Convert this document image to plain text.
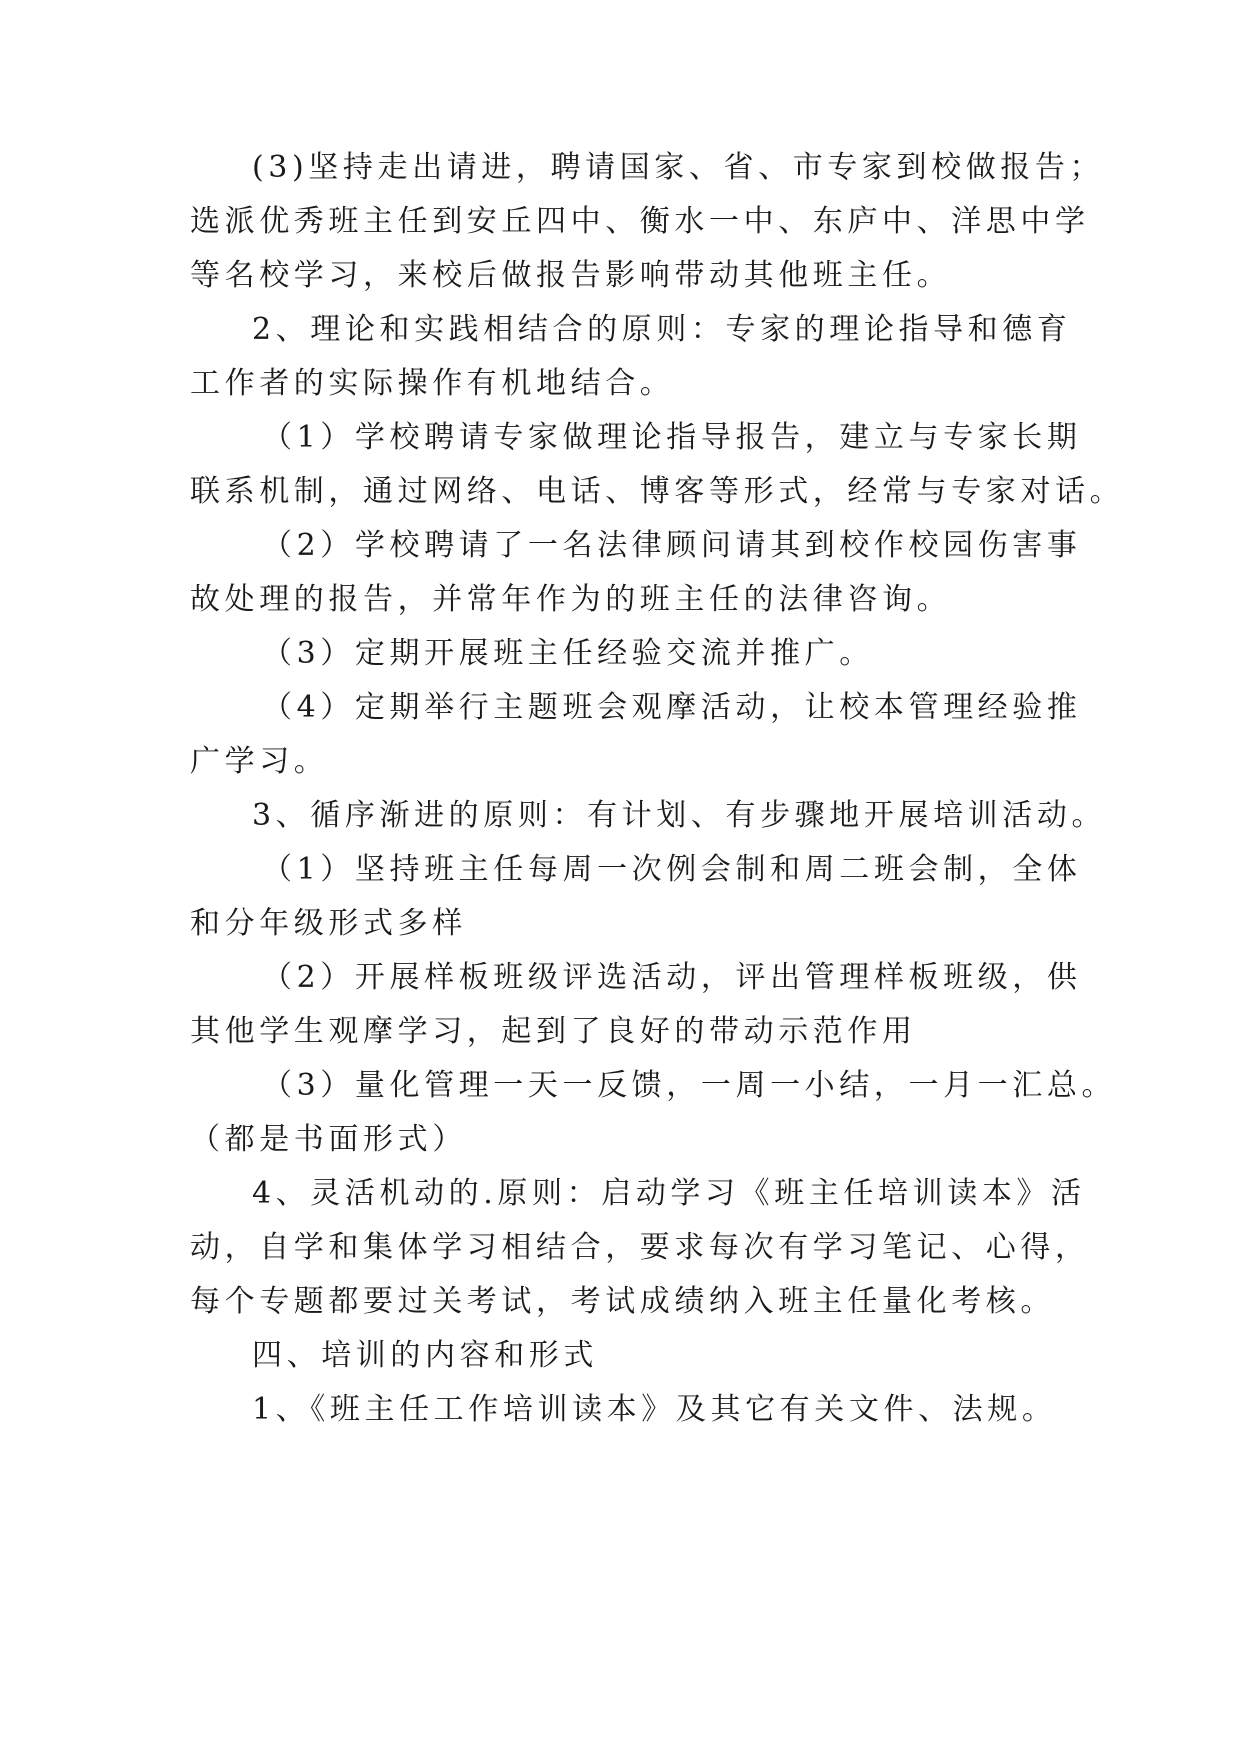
(3)坚持走出请进，聘请国家、省、市专家到校做报告；
选派优秀班主任到安丘四中、衡水一中、东庐中、洋思中学
等名校学习，来校后做报告影响带动其他班主任。
2、理论和实践相结合的原则：专家的理论指导和德育
工作者的实际操作有机地结合。
（1）学校聘请专家做理论指导报告，建立与专家长期
联系机制，通过网络、电话、博客等形式，经常与专家对话。
（2）学校聘请了一名法律顾问请其到校作校园伤害事
故处理的报告，并常年作为的班主任的法律咨询。
（3）定期开展班主任经验交流并推广。
（4）定期举行主题班会观摩活动，让校本管理经验推
广学习。
3、循序渐进的原则：有计划、有步骤地开展培训活动。
（1）坚持班主任每周一次例会制和周二班会制，全体
和分年级形式多样
（2）开展样板班级评选活动，评出管理样板班级，供
其他学生观摩学习，起到了良好的带动示范作用
（3）量化管理一天一反馈，一周一小结，一月一汇总。
（都是书面形式）
4、灵活机动的.原则：启动学习《班主任培训读本》活
动，自学和集体学习相结合，要求每次有学习笔记、心得，
每个专题都要过关考试，考试成绩纳入班主任量化考核。
四、培训的内容和形式
1、《班主任工作培训读本》及其它有关文件、法规。
